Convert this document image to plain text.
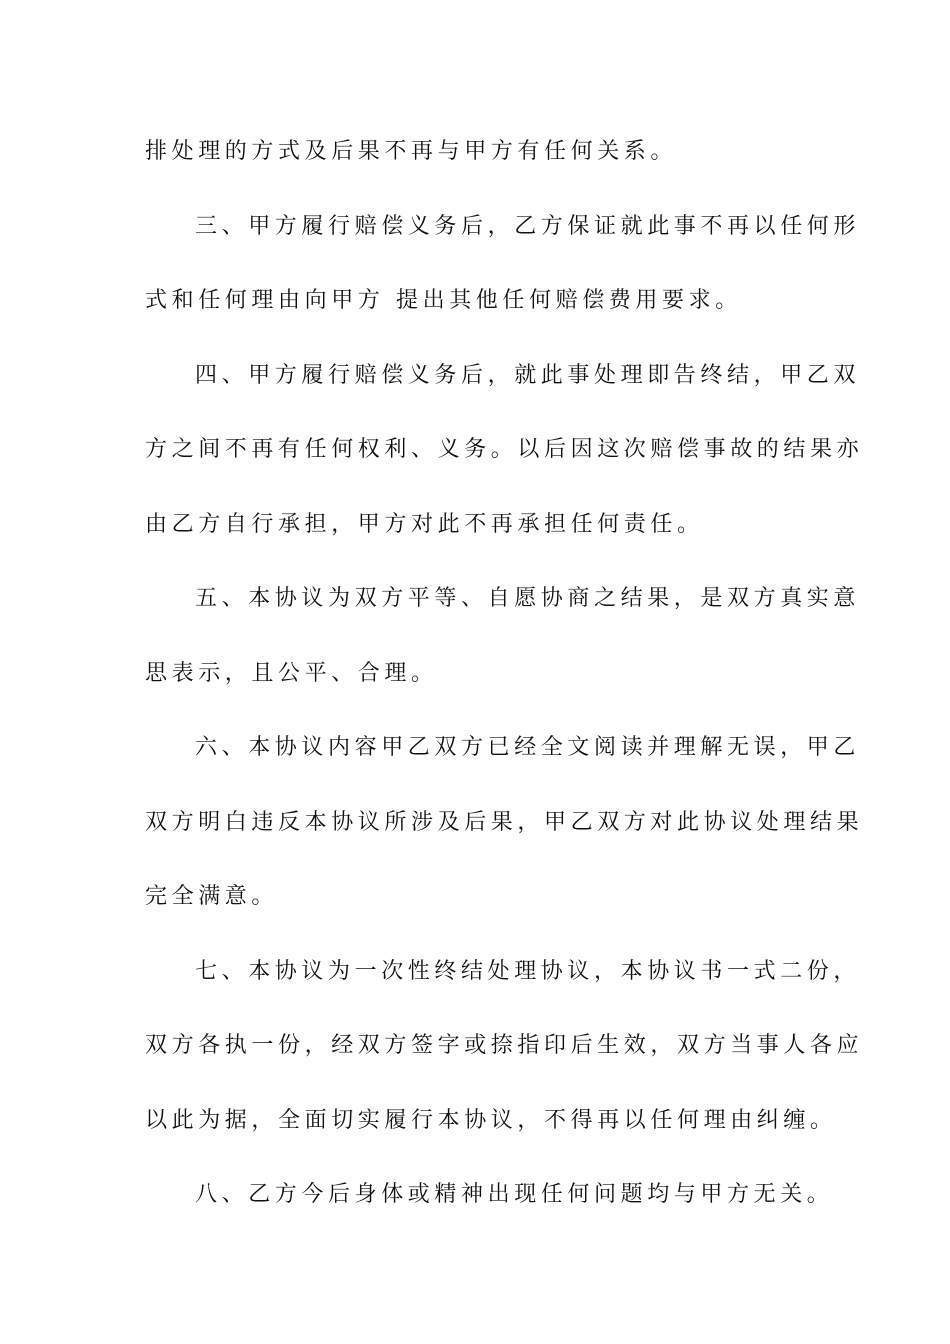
排处理的方式及后果不再与甲方有任何关系。
三、甲方履行赔偿义务后，乙方保证就此事不再以任何形
式和任何理由向甲方 提出其他任何赔偿费用要求。
四、甲方履行赔偿义务后，就此事处理即告终结，甲乙双
方之间不再有任何权利、义务。以后因这次赔偿事故的结果亦
由乙方自行承担，甲方对此不再承担任何责任。
五、本协议为双方平等、自愿协商之结果，是双方真实意
思表示，且公平、合理。
六、本协议内容甲乙双方已经全文阅读并理解无误，甲乙
双方明白违反本协议所涉及后果，甲乙双方对此协议处理结果
完全满意。
七、本协议为一次性终结处理协议，本协议书一式二份，
双方各执一份，经双方签字或捺指印后生效，双方当事人各应
以此为据，全面切实履行本协议，不得再以任何理由纠缠。
八、乙方今后身体或精神出现任何问题均与甲方无关。
